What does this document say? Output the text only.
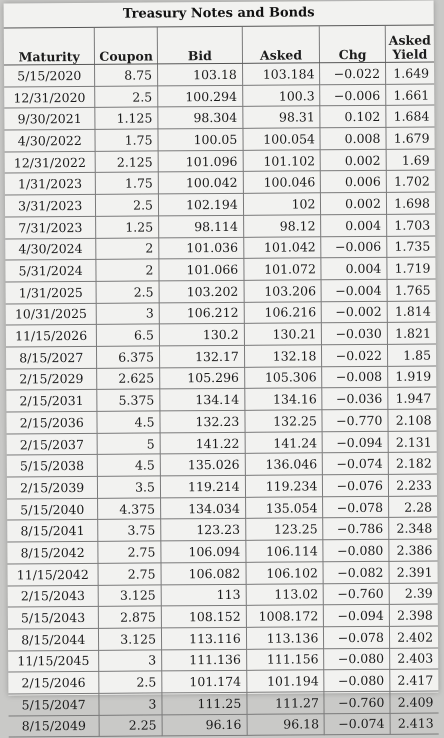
Treasury Notes and Bonds
Maturity	Coupon	Bid	Asked	Chg	Asked
Yield
5/15/2020	8.75	103.18	103.184	−0.022	1.649
12/31/2020	2.5	100.294	100.3	−0.006	1.661
9/30/2021	1.125	98.304	98.31	0.102	1.684
4/30/2022	1.75	100.05	100.054	0.008	1.679
12/31/2022	2.125	101.096	101.102	0.002	1.69
1/31/2023	1.75	100.042	100.046	0.006	1.702
3/31/2023	2.5	102.194	102	0.002	1.698
7/31/2023	1.25	98.114	98.12	0.004	1.703
4/30/2024	2	101.036	101.042	−0.006	1.735
5/31/2024	2	101.066	101.072	0.004	1.719
1/31/2025	2.5	103.202	103.206	−0.004	1.765
10/31/2025	3	106.212	106.216	−0.002	1.814
11/15/2026	6.5	130.2	130.21	−0.030	1.821
8/15/2027	6.375	132.17	132.18	−0.022	1.85
2/15/2029	2.625	105.296	105.306	−0.008	1.919
2/15/2031	5.375	134.14	134.16	−0.036	1.947
2/15/2036	4.5	132.23	132.25	−0.770	2.108
2/15/2037	5	141.22	141.24	−0.094	2.131
5/15/2038	4.5	135.026	136.046	−0.074	2.182
2/15/2039	3.5	119.214	119.234	−0.076	2.233
5/15/2040	4.375	134.034	135.054	−0.078	2.28
8/15/2041	3.75	123.23	123.25	−0.786	2.348
8/15/2042	2.75	106.094	106.114	−0.080	2.386
11/15/2042	2.75	106.082	106.102	−0.082	2.391
2/15/2043	3.125	113	113.02	−0.760	2.39
5/15/2043	2.875	108.152	1008.172	−0.094	2.398
8/15/2044	3.125	113.116	113.136	−0.078	2.402
11/15/2045	3	111.136	111.156	−0.080	2.403
2/15/2046	2.5	101.174	101.194	−0.080	2.417
5/15/2047	3	111.25	111.27	−0.760	2.409
8/15/2049	2.25	96.16	96.18	−0.074	2.413
